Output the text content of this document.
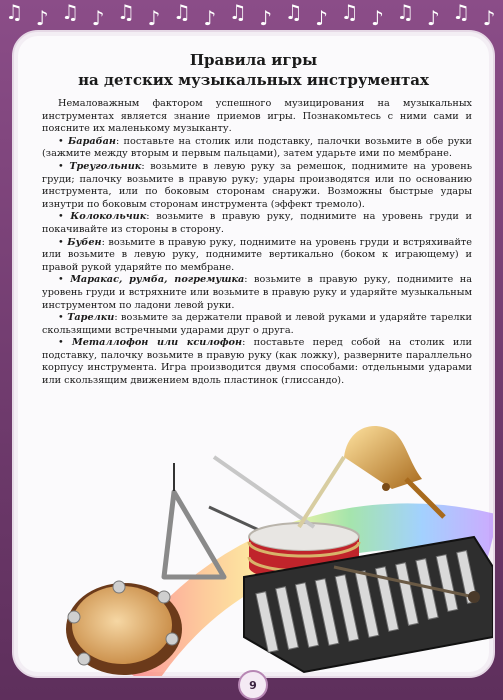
♫ ♪ ♫ ♪ ♫ ♪ ♫ ♪ ♫ ♪ ♫ ♪ ♫ ♪ ♫ ♪ ♫ ♪
Правила игры
на детских музыкальных инструментах

Немаловажным фактором успешного музицирования на музыкальных инструментах является знание приемов игры. Познакомьтесь с ними сами и поясните их маленькому музыканту.

• Барабан: поставьте на столик или подставку, палочки возьмите в обе руки (зажмите между вторым и первым пальцами), затем ударьте ими по мембране.

• Треугольник: возьмите в левую руку за ремешок, поднимите на уровень груди; палочку возьмите в правую руку; удары производятся или по основанию инструмента, или по боковым сторонам снаружи. Возможны быстрые удары изнутри по боковым сторонам инструмента (эффект тремоло).

• Колокольчик: возьмите в правую руку, поднимите на уровень груди и покачивайте из стороны в сторону.

• Бубен: возьмите в правую руку, поднимите на уровень груди и встряхивайте или возьмите в левую руку, поднимите вертикально (боком к играющему) и правой рукой ударяйте по мембране.

• Маракас, румба, погремушка: возьмите в правую руку, поднимите на уровень груди и встряхните или возьмите в правую руку и ударяйте музыкальным инструментом по ладони левой руки.

• Тарелки: возьмите за держатели правой и левой руками и ударяйте тарелки скользящими встречными ударами друг о друга.

• Металлофон или ксилофон: поставьте перед собой на столик или подставку, палочку возьмите в правую руку (как ложку), разверните параллельно корпусу инструмента. Игра производится двумя способами: отдельными ударами или скользящим движением вдоль пластинок (глиссандо).

9
